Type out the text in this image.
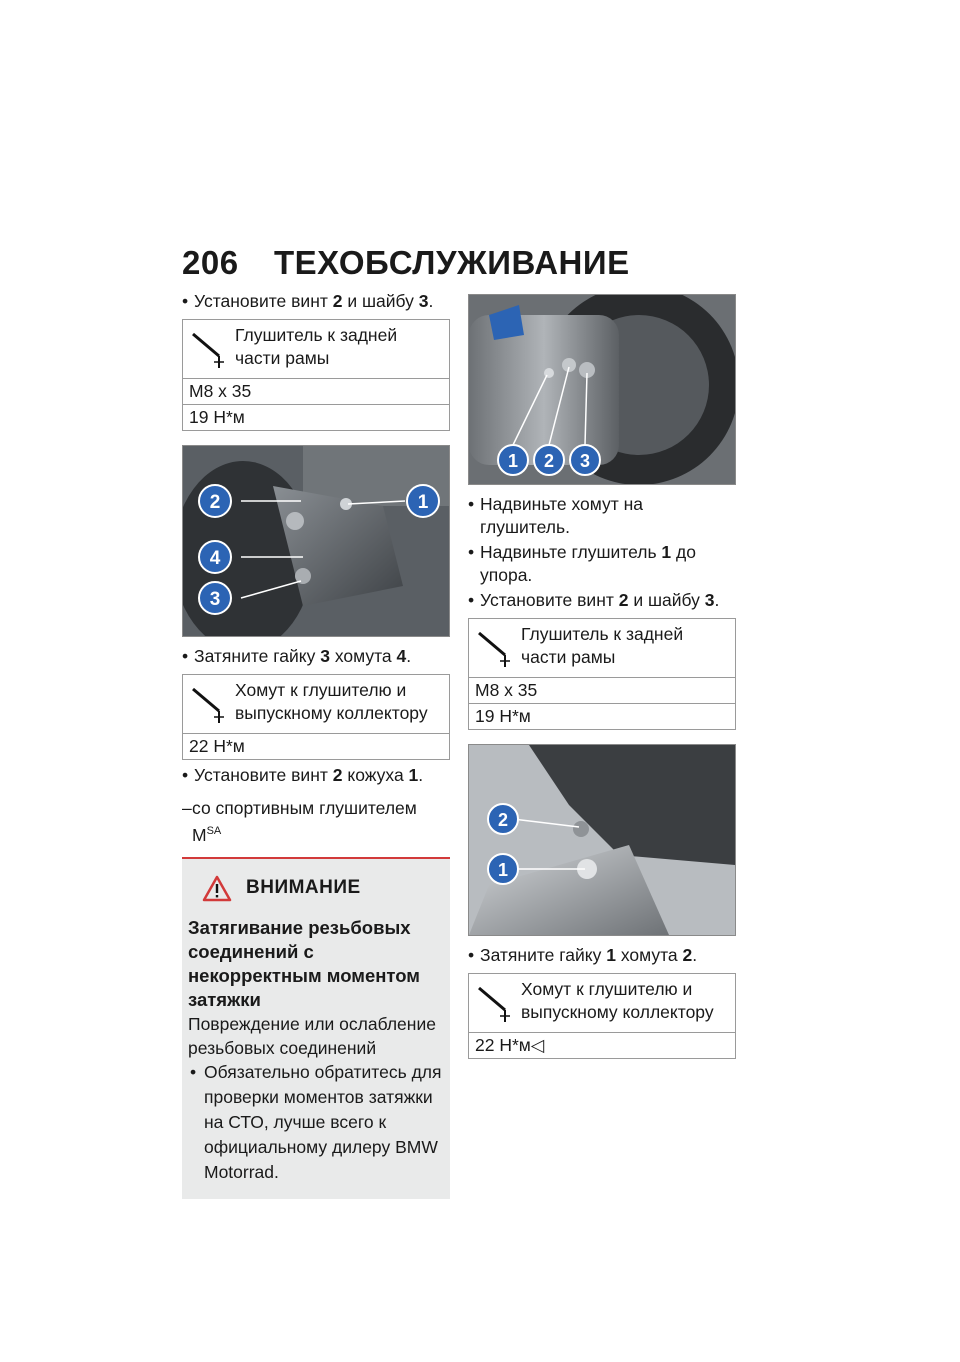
206 ТЕХОБСЛУЖИВАНИЕ
• Установите винт 2 и шайбу 3.
Глушитель к задней части рамы
M8 x 35
19 Н*м
2	1
4
3
• Затяните гайку 3 хомута 4.
Хомут к глушителю и выпускному коллектору
22 Н*м
• Установите винт 2 кожуха 1.
– со спортивным глушителем $M^{SA}$
ВНИМАНИЕ
Затягивание резьбовых соединений с некорректным моментом затяжки
Повреждение или ослабление резьбовых соединений
• Обязательно обратитесь для проверки моментов затяжки на СТО, лучше всего к официальному дилеру BMW Motorrad.
1 2 3
• Надвиньте хомут на глушитель.
• Надвиньте глушитель 1 до упора.
• Установите винт 2 и шайбу 3.
Глушитель к задней части рамы
M8 x 35
19 Н*м
2
1
• Затяните гайку 1 хомута 2.
Хомут к глушителю и выпускному коллектору
22 Н*м◁
